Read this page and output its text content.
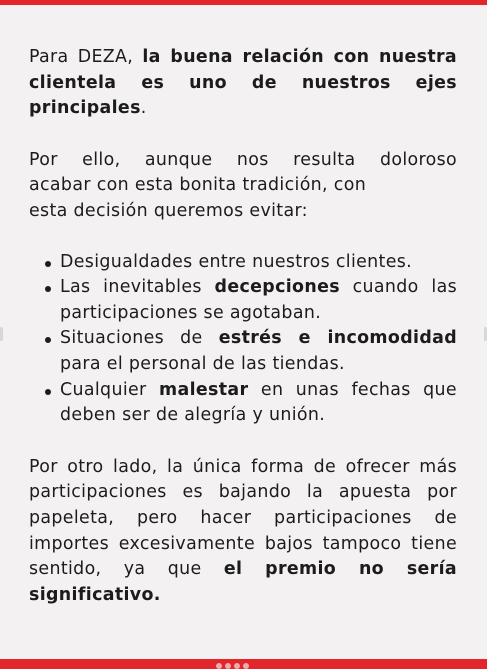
Para DEZA, la buena relación con nuestra clientela es uno de nuestros ejes principales.

Por ello, aunque nos resulta doloroso
acabar con esta bonita tradición, con
esta decisión queremos evitar:

Desigualdades entre nuestros clientes.
Las inevitables decepciones cuando las participaciones se agotaban.
Situaciones de estrés e incomodidad para el personal de las tiendas.
Cualquier malestar en unas fechas que deben ser de alegría y unión.

Por otro lado, la única forma de ofrecer más participaciones es bajando la apuesta por papeleta, pero hacer participaciones de importes excesivamente bajos tampoco tiene sentido, ya que el premio no sería significativo.
